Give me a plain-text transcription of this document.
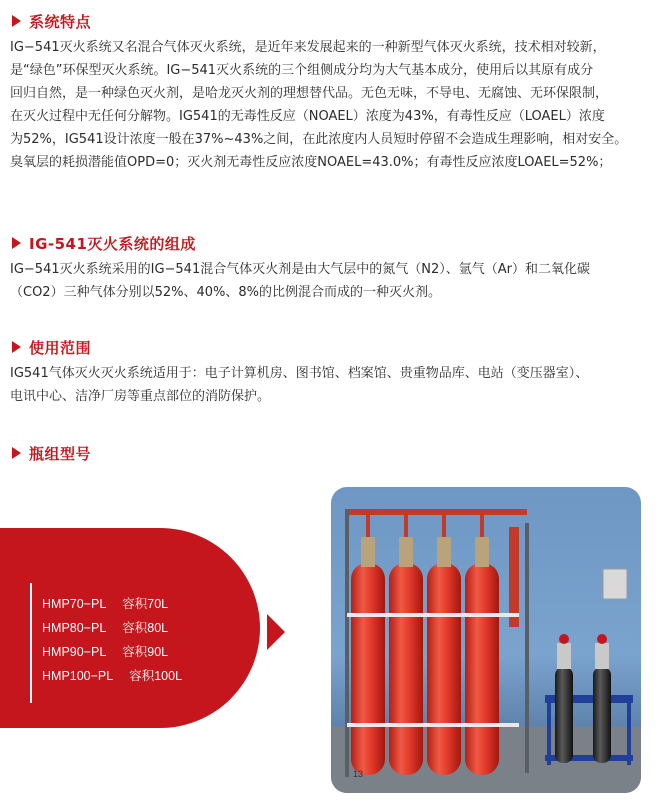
系统特点

IG−541灭火系统又名混合气体灭火系统，是近年来发展起来的一种新型气体灭火系统，技术相对较新，

是“绿色”环保型灭火系统。IG−541灭火系统的三个组侧成分均为大气基本成分，使用后以其原有成分

回归自然，是一种绿色灭火剂，是哈龙灭火剂的理想替代品。无色无味，不导电、无腐蚀、无环保限制，

在灭火过程中无任何分解物。IG541的无毒性反应（NOAEL）浓度为43%，有毒性反应（LOAEL）浓度

为52%，IG541设计浓度一般在37%~43%之间，在此浓度内人员短时停留不会造成生理影响，相对安全。

臭氧层的耗损潜能值OPD=0；灭火剂无毒性反应浓度NOAEL=43.0%；有毒性反应浓度LOAEL=52%；

IG-541灭火系统的组成

IG−541灭火系统采用的IG−541混合气体灭火剂是由大气层中的氮气（N2）、氩气（Ar）和二氧化碳

（CO2）三种气体分别以52%、40%、8%的比例混合而成的一种灭火剂。

使用范围

IG541气体灭火灭火系统适用于：电子计算机房、图书馆、档案馆、贵重物品库、电站（变压器室）、

电讯中心、洁净厂房等重点部位的消防保护。

瓶组型号
HMP70−PL 容积70L
HMP80−PL 容积80L
HMP90−PL 容积90L
HMP100−PL 容积100L
13
